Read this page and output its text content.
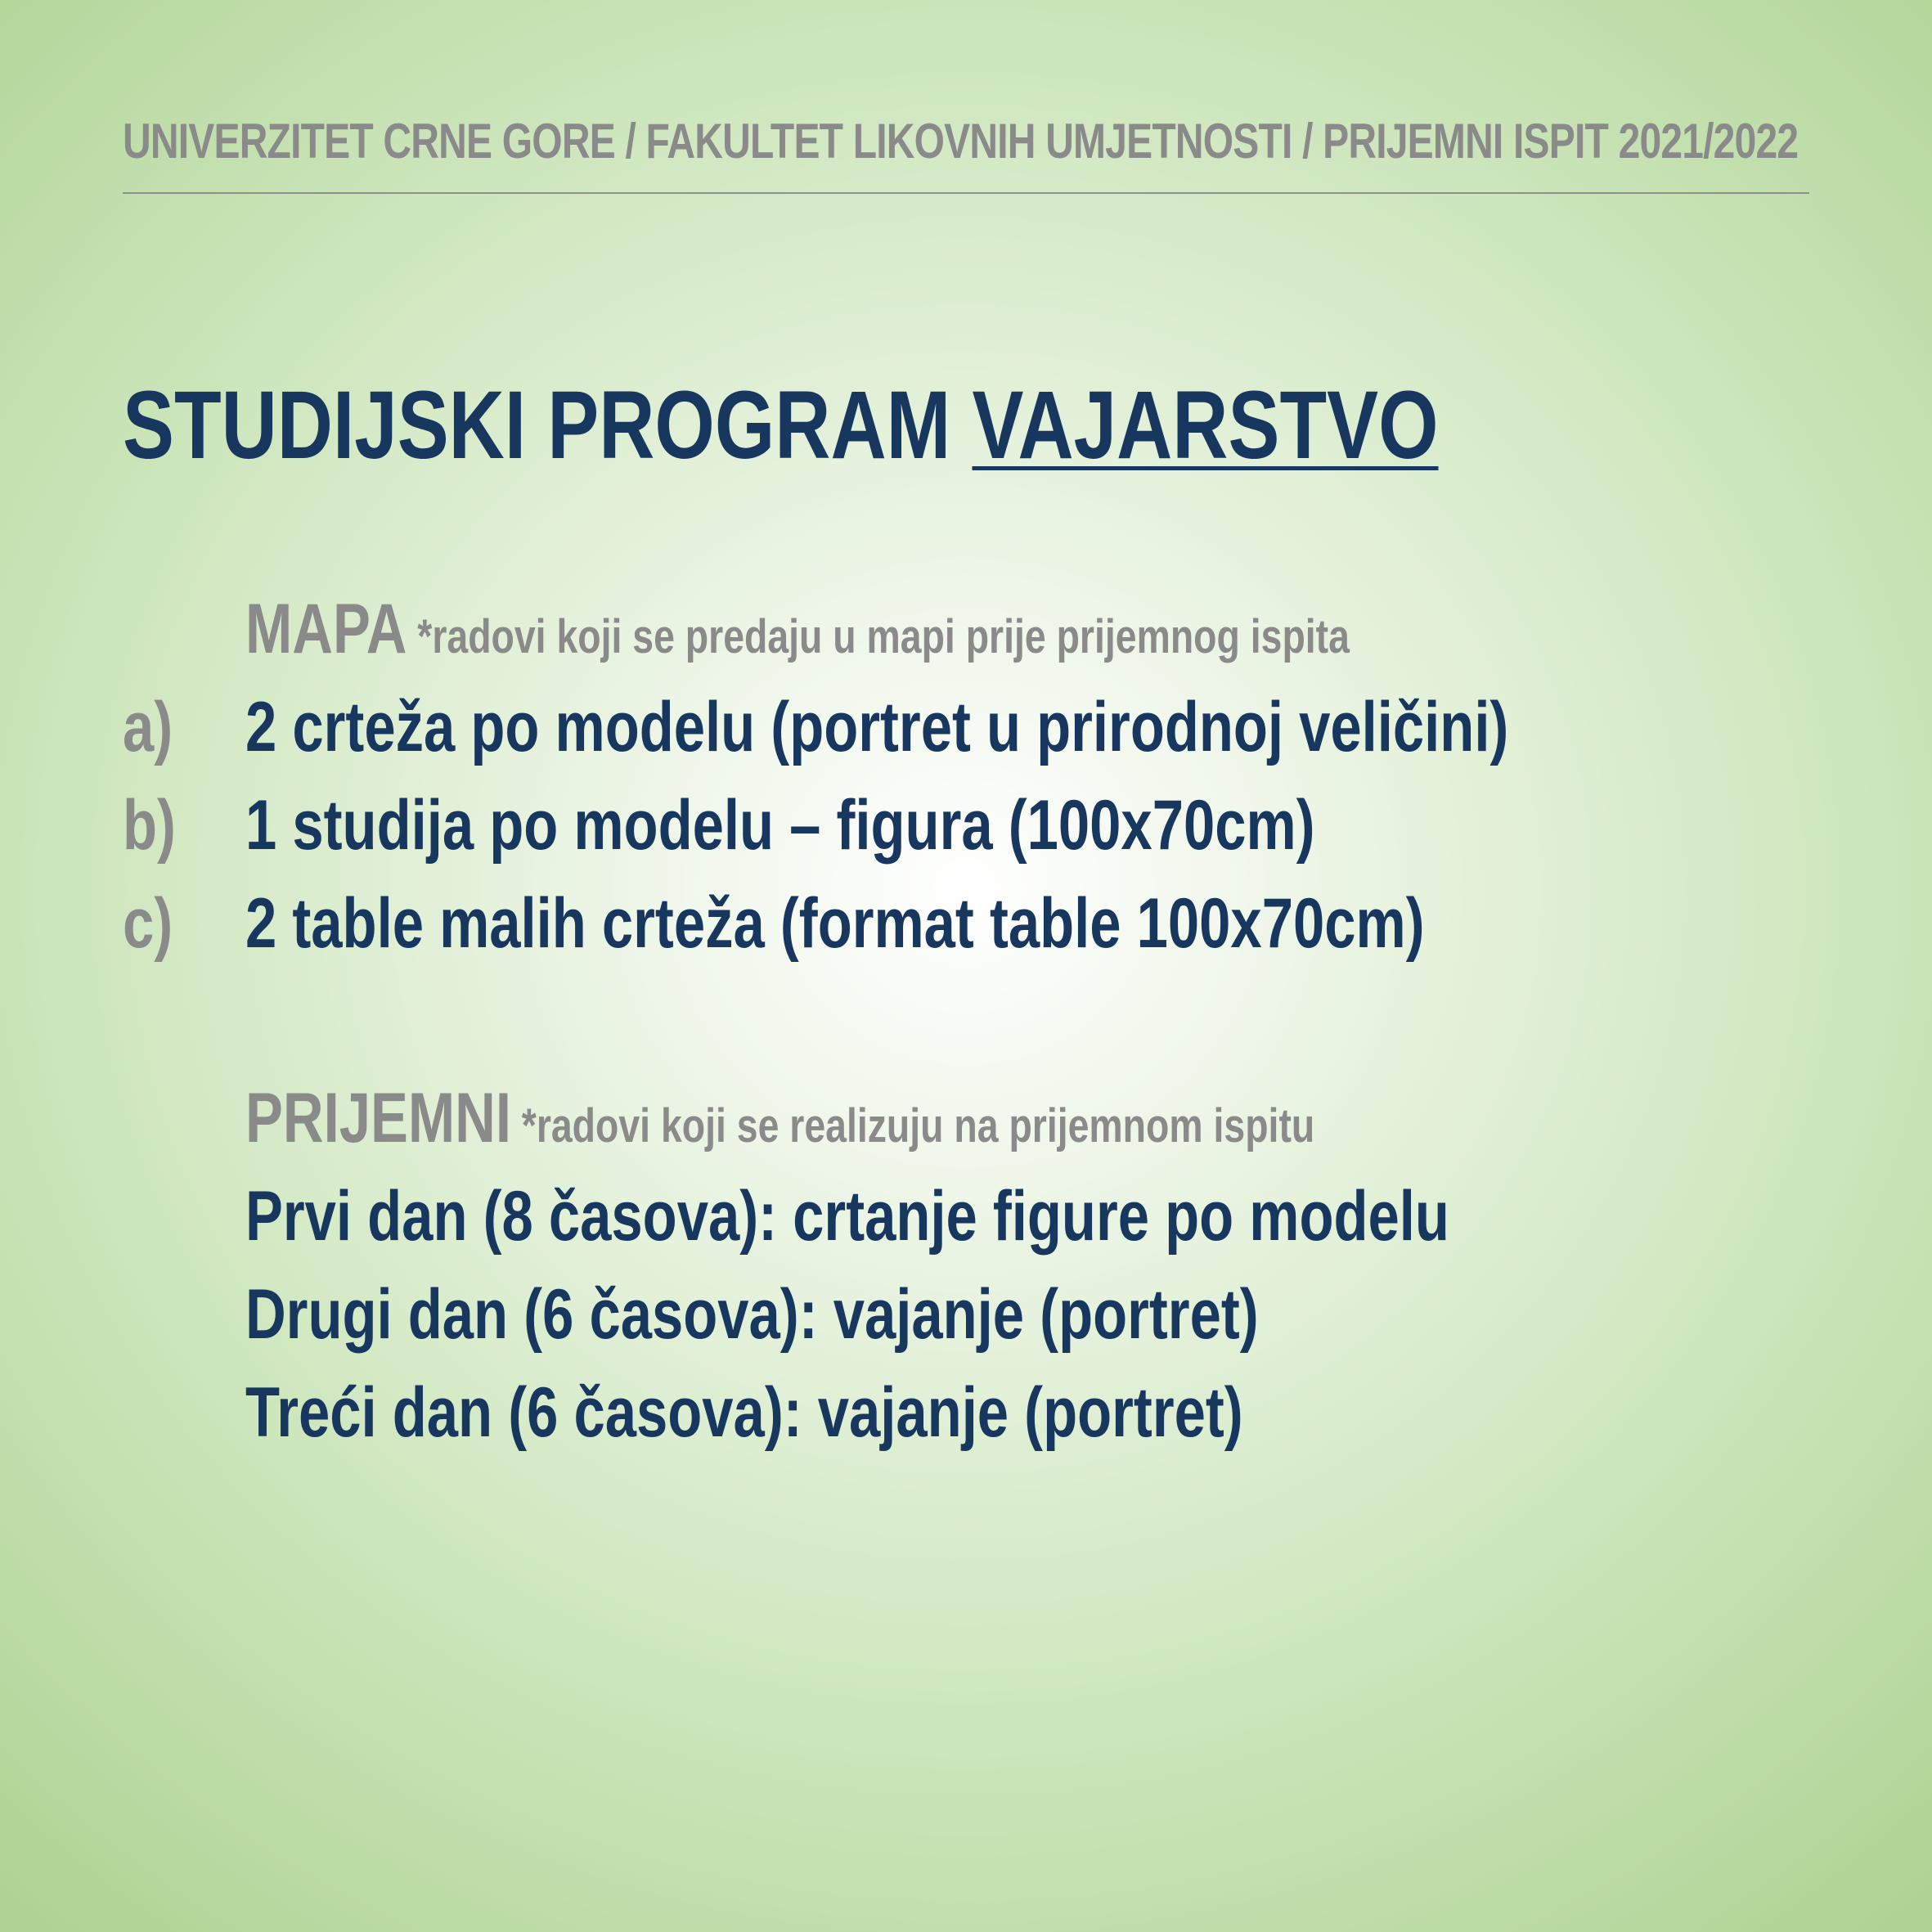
UNIVERZITET CRNE GORE / FAKULTET LIKOVNIH UMJETNOSTI / PRIJEMNI ISPIT 2021/2022
STUDIJSKI PROGRAM VAJARSTVO
MAPA *radovi koji se predaju u mapi prije prijemnog ispita
a) 2 crteža po modelu (portret u prirodnoj veličini)
b) 1 studija po modelu – figura (100x70cm)
c) 2 table malih crteža (format table 100x70cm)
PRIJEMNI *radovi koji se realizuju na prijemnom ispitu
Prvi dan (8 časova): crtanje figure po modelu
Drugi dan (6 časova): vajanje (portret)
Treći dan (6 časova): vajanje (portret)
